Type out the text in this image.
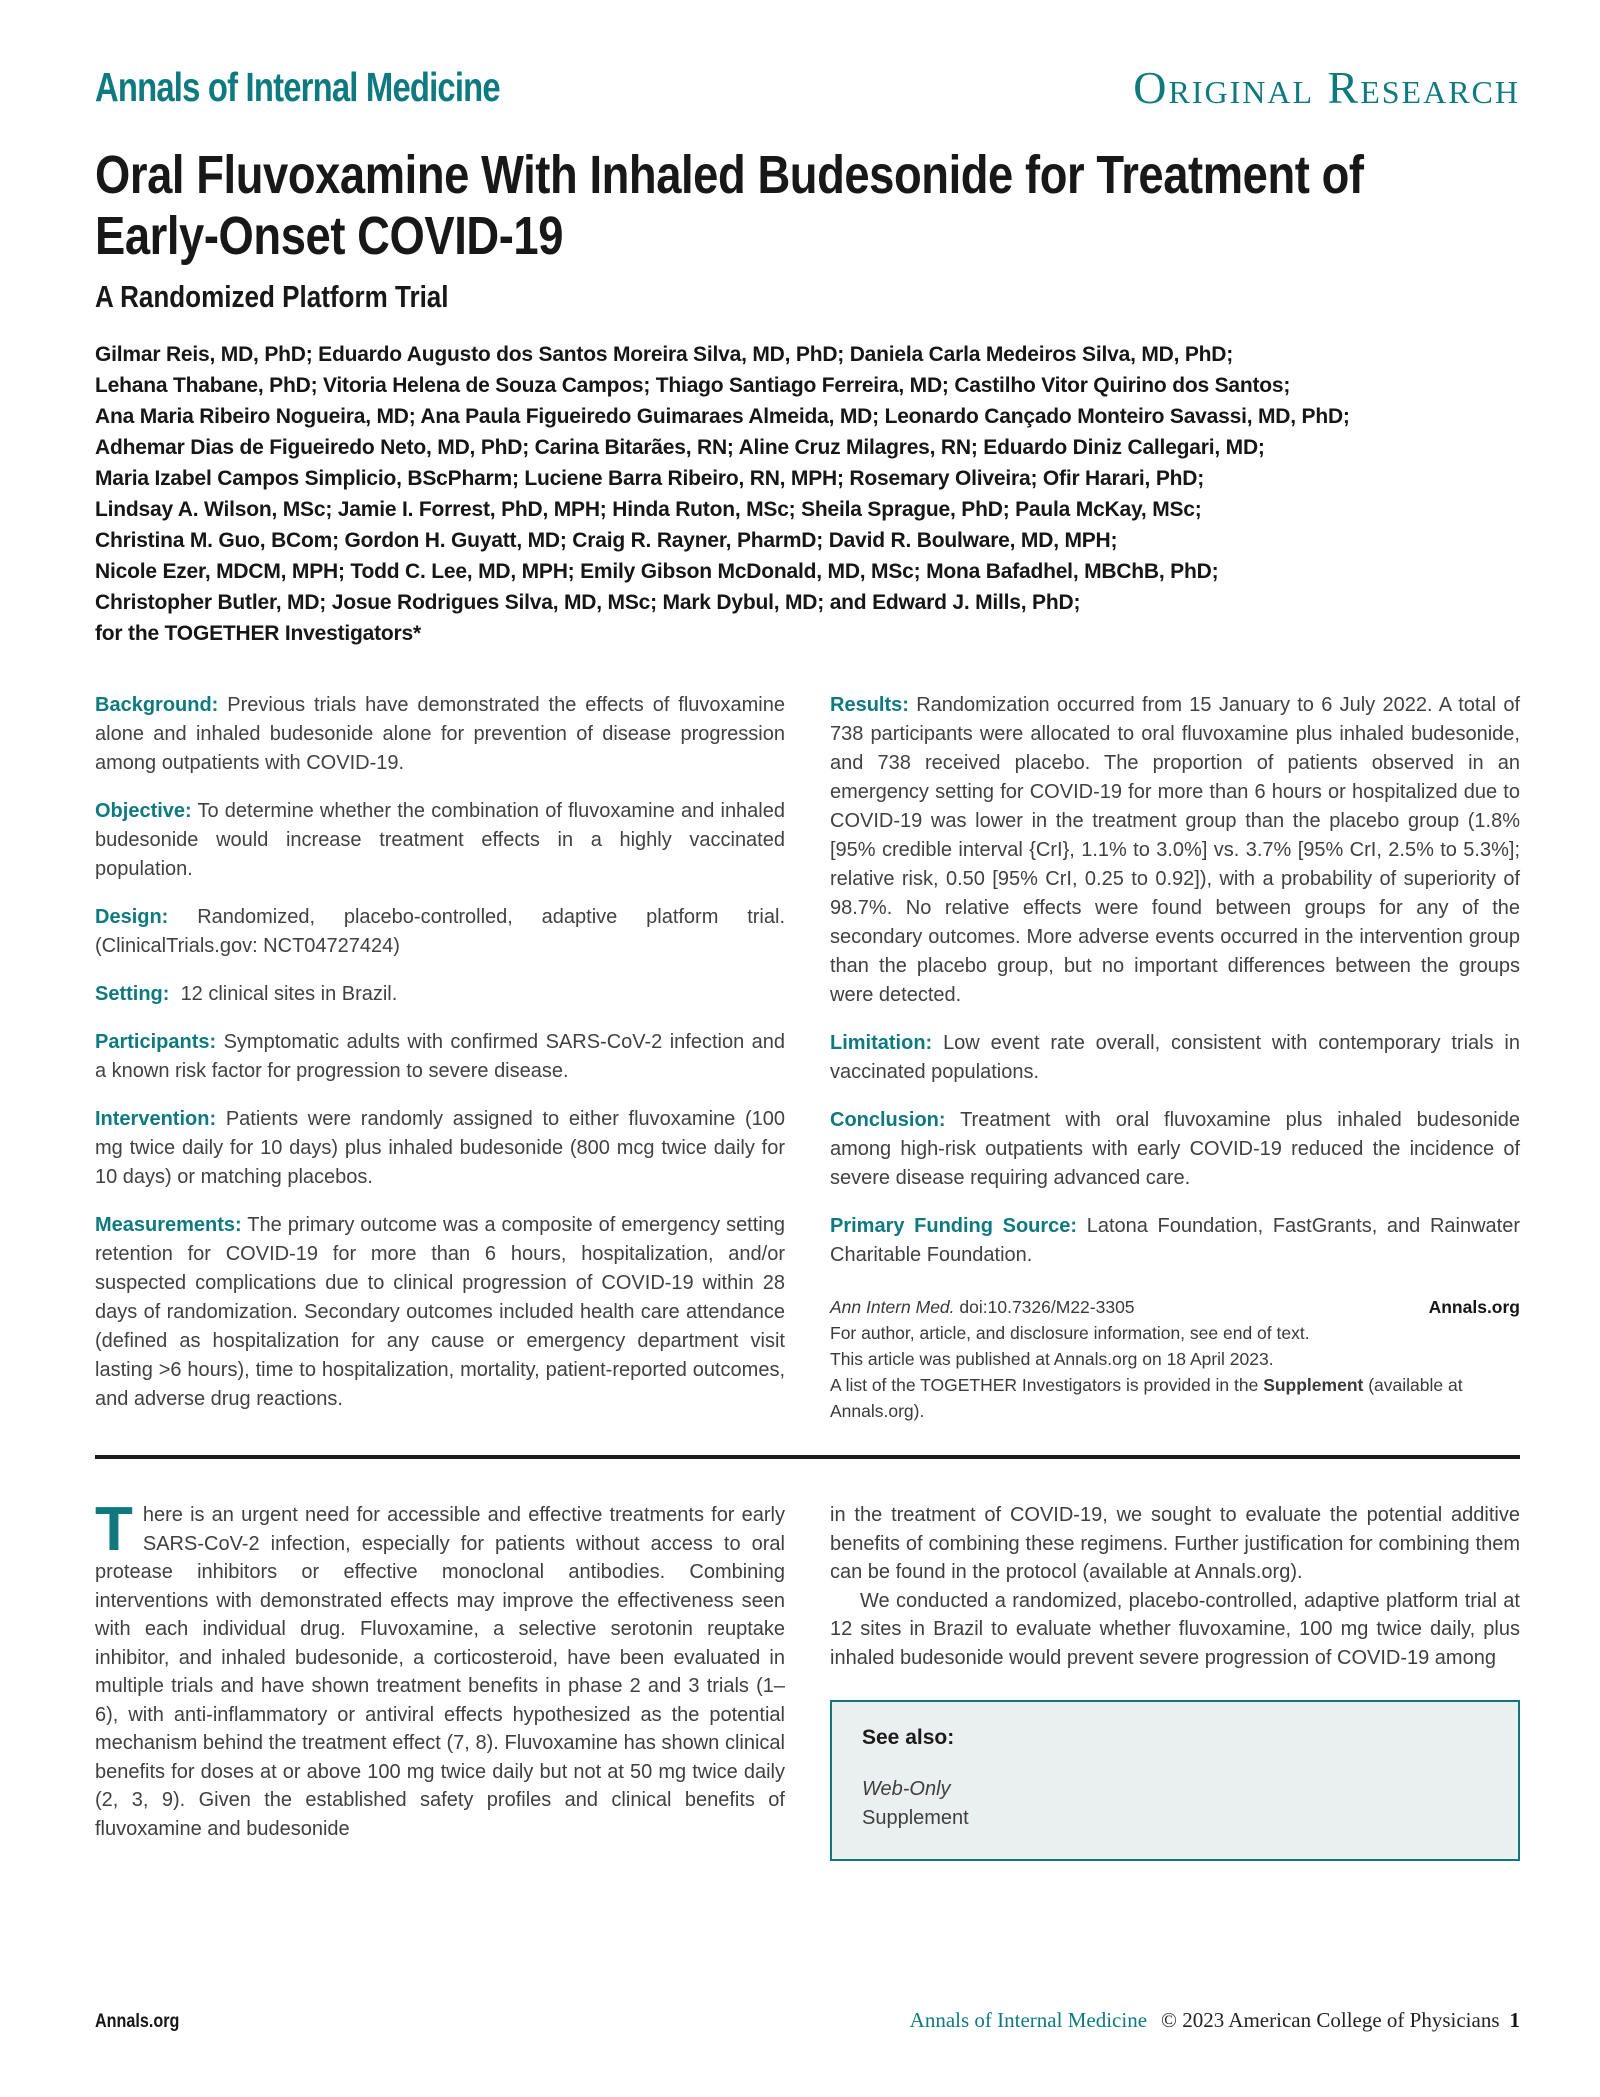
Annals of Internal Medicine	Original Research
Oral Fluvoxamine With Inhaled Budesonide for Treatment of
Early-Onset COVID-19
A Randomized Platform Trial
Gilmar Reis, MD, PhD; Eduardo Augusto dos Santos Moreira Silva, MD, PhD; Daniela Carla Medeiros Silva, MD, PhD;
Lehana Thabane, PhD; Vitoria Helena de Souza Campos; Thiago Santiago Ferreira, MD; Castilho Vitor Quirino dos Santos;
Ana Maria Ribeiro Nogueira, MD; Ana Paula Figueiredo Guimaraes Almeida, MD; Leonardo Cançado Monteiro Savassi, MD, PhD;
Adhemar Dias de Figueiredo Neto, MD, PhD; Carina Bitarães, RN; Aline Cruz Milagres, RN; Eduardo Diniz Callegari, MD;
Maria Izabel Campos Simplicio, BScPharm; Luciene Barra Ribeiro, RN, MPH; Rosemary Oliveira; Ofir Harari, PhD;
Lindsay A. Wilson, MSc; Jamie I. Forrest, PhD, MPH; Hinda Ruton, MSc; Sheila Sprague, PhD; Paula McKay, MSc;
Christina M. Guo, BCom; Gordon H. Guyatt, MD; Craig R. Rayner, PharmD; David R. Boulware, MD, MPH;
Nicole Ezer, MDCM, MPH; Todd C. Lee, MD, MPH; Emily Gibson McDonald, MD, MSc; Mona Bafadhel, MBChB, PhD;
Christopher Butler, MD; Josue Rodrigues Silva, MD, MSc; Mark Dybul, MD; and Edward J. Mills, PhD;
for the TOGETHER Investigators*
Background: Previous trials have demonstrated the effects of fluvoxamine alone and inhaled budesonide alone for prevention of disease progression among outpatients with COVID-19.
Objective: To determine whether the combination of fluvoxamine and inhaled budesonide would increase treatment effects in a highly vaccinated population.
Design: Randomized, placebo-controlled, adaptive platform trial. (ClinicalTrials.gov: NCT04727424)
Setting: 12 clinical sites in Brazil.
Participants: Symptomatic adults with confirmed SARS-CoV-2 infection and a known risk factor for progression to severe disease.
Intervention: Patients were randomly assigned to either fluvoxamine (100 mg twice daily for 10 days) plus inhaled budesonide (800 mcg twice daily for 10 days) or matching placebos.
Measurements: The primary outcome was a composite of emergency setting retention for COVID-19 for more than 6 hours, hospitalization, and/or suspected complications due to clinical progression of COVID-19 within 28 days of randomization. Secondary outcomes included health care attendance (defined as hospitalization for any cause or emergency department visit lasting >6 hours), time to hospitalization, mortality, patient-reported outcomes, and adverse drug reactions.
Results: Randomization occurred from 15 January to 6 July 2022. A total of 738 participants were allocated to oral fluvoxamine plus inhaled budesonide, and 738 received placebo. The proportion of patients observed in an emergency setting for COVID-19 for more than 6 hours or hospitalized due to COVID-19 was lower in the treatment group than the placebo group (1.8% [95% credible interval {CrI}, 1.1% to 3.0%] vs. 3.7% [95% CrI, 2.5% to 5.3%]; relative risk, 0.50 [95% CrI, 0.25 to 0.92]), with a probability of superiority of 98.7%. No relative effects were found between groups for any of the secondary outcomes. More adverse events occurred in the intervention group than the placebo group, but no important differences between the groups were detected.
Limitation: Low event rate overall, consistent with contemporary trials in vaccinated populations.
Conclusion: Treatment with oral fluvoxamine plus inhaled budesonide among high-risk outpatients with early COVID-19 reduced the incidence of severe disease requiring advanced care.
Primary Funding Source: Latona Foundation, FastGrants, and Rainwater Charitable Foundation.
Ann Intern Med. doi:10.7326/M22-3305	Annals.org
For author, article, and disclosure information, see end of text.
This article was published at Annals.org on 18 April 2023.
A list of the TOGETHER Investigators is provided in the Supplement (available at Annals.org).
There is an urgent need for accessible and effective treatments for early SARS-CoV-2 infection, especially for patients without access to oral protease inhibitors or effective monoclonal antibodies. Combining interventions with demonstrated effects may improve the effectiveness seen with each individual drug. Fluvoxamine, a selective serotonin reuptake inhibitor, and inhaled budesonide, a corticosteroid, have been evaluated in multiple trials and have shown treatment benefits in phase 2 and 3 trials (1–6), with anti-inflammatory or antiviral effects hypothesized as the potential mechanism behind the treatment effect (7, 8). Fluvoxamine has shown clinical benefits for doses at or above 100 mg twice daily but not at 50 mg twice daily (2, 3, 9). Given the established safety profiles and clinical benefits of fluvoxamine and budesonide
in the treatment of COVID-19, we sought to evaluate the potential additive benefits of combining these regimens. Further justification for combining them can be found in the protocol (available at Annals.org).
We conducted a randomized, placebo-controlled, adaptive platform trial at 12 sites in Brazil to evaluate whether fluvoxamine, 100 mg twice daily, plus inhaled budesonide would prevent severe progression of COVID-19 among
See also:
Web-Only
Supplement
Annals.org	Annals of Internal Medicine © 2023 American College of Physicians 1
